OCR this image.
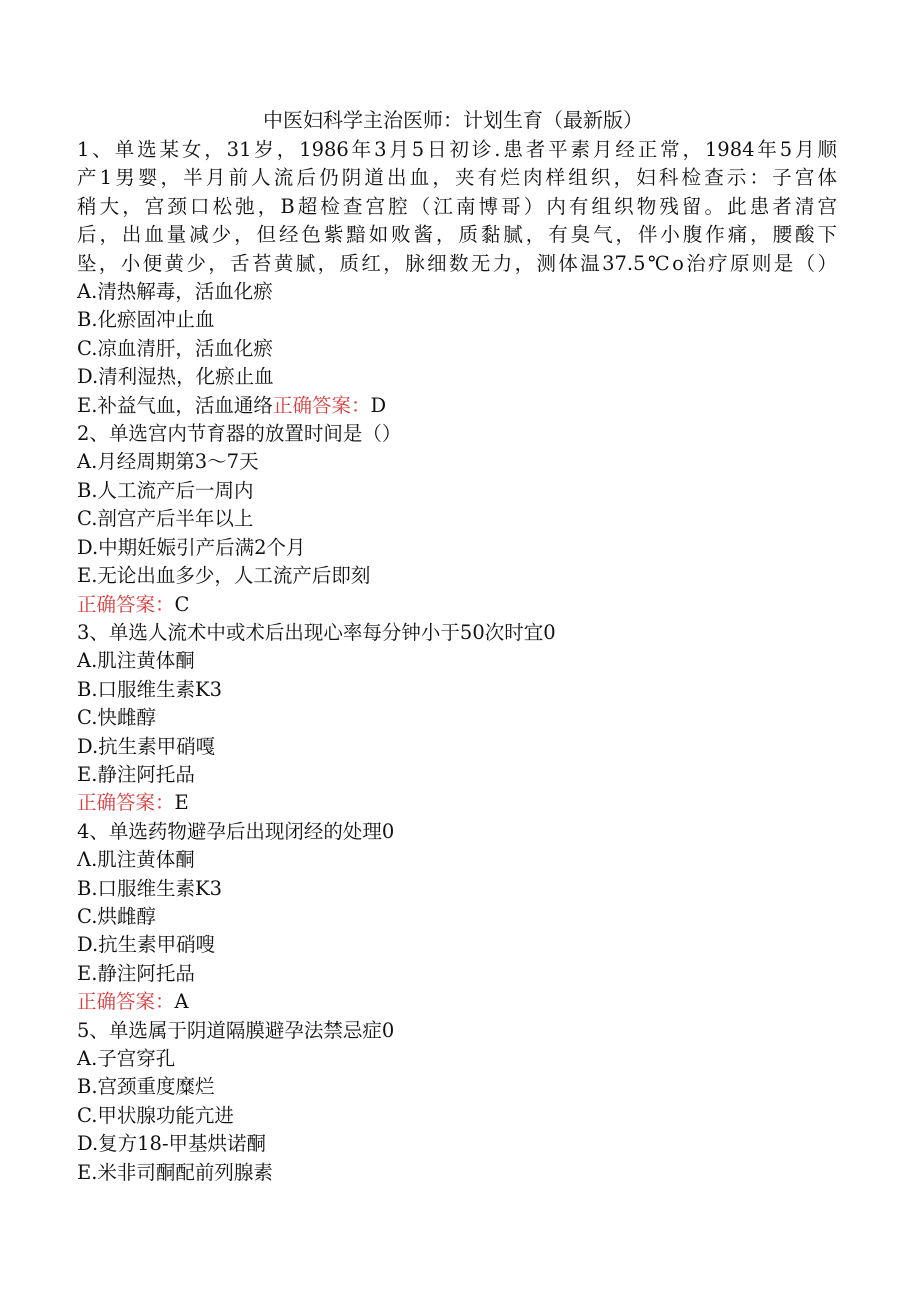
中医妇科学主治医师：计划生育（最新版）
1、单选某女，31岁，1986年3月5日初诊.患者平素月经正常，1984年5月顺
产1男婴，半月前人流后仍阴道出血，夹有烂肉样组织，妇科检查示：子宫体
稍大，宫颈口松弛，B超检查宫腔（江南博哥）内有组织物残留。此患者清宫
后，出血量减少，但经色紫黯如败酱，质黏腻，有臭气，伴小腹作痛，腰酸下
坠，小便黄少，舌苔黄腻，质红，脉细数无力，测体温37.5℃o治疗原则是（）
A.清热解毒，活血化瘀
B.化瘀固冲止血
C.凉血清肝，活血化瘀
D.清利湿热，化瘀止血
E.补益气血，活血通络正确答案：D
2、单选宫内节育器的放置时间是（）
A.月经周期第3～7天
B.人工流产后一周内
C.剖宫产后半年以上
D.中期妊娠引产后满2个月
E.无论出血多少，人工流产后即刻
正确答案：C
3、单选人流术中或术后出现心率每分钟小于50次时宜0
A.肌注黄体酮
B.口服维生素K3
C.快雌醇
D.抗生素甲硝嘎
E.静注阿托品
正确答案：E
4、单选药物避孕后出现闭经的处理0
Λ.肌注黄体酮
B.口服维生素K3
C.烘雌醇
D.抗生素甲硝嗖
E.静注阿托品
正确答案：A
5、单选属于阴道隔膜避孕法禁忌症0
A.子宫穿孔
B.宫颈重度糜烂
C.甲状腺功能亢进
D.复方18-甲基烘诺酮
E.米非司酮配前列腺素
